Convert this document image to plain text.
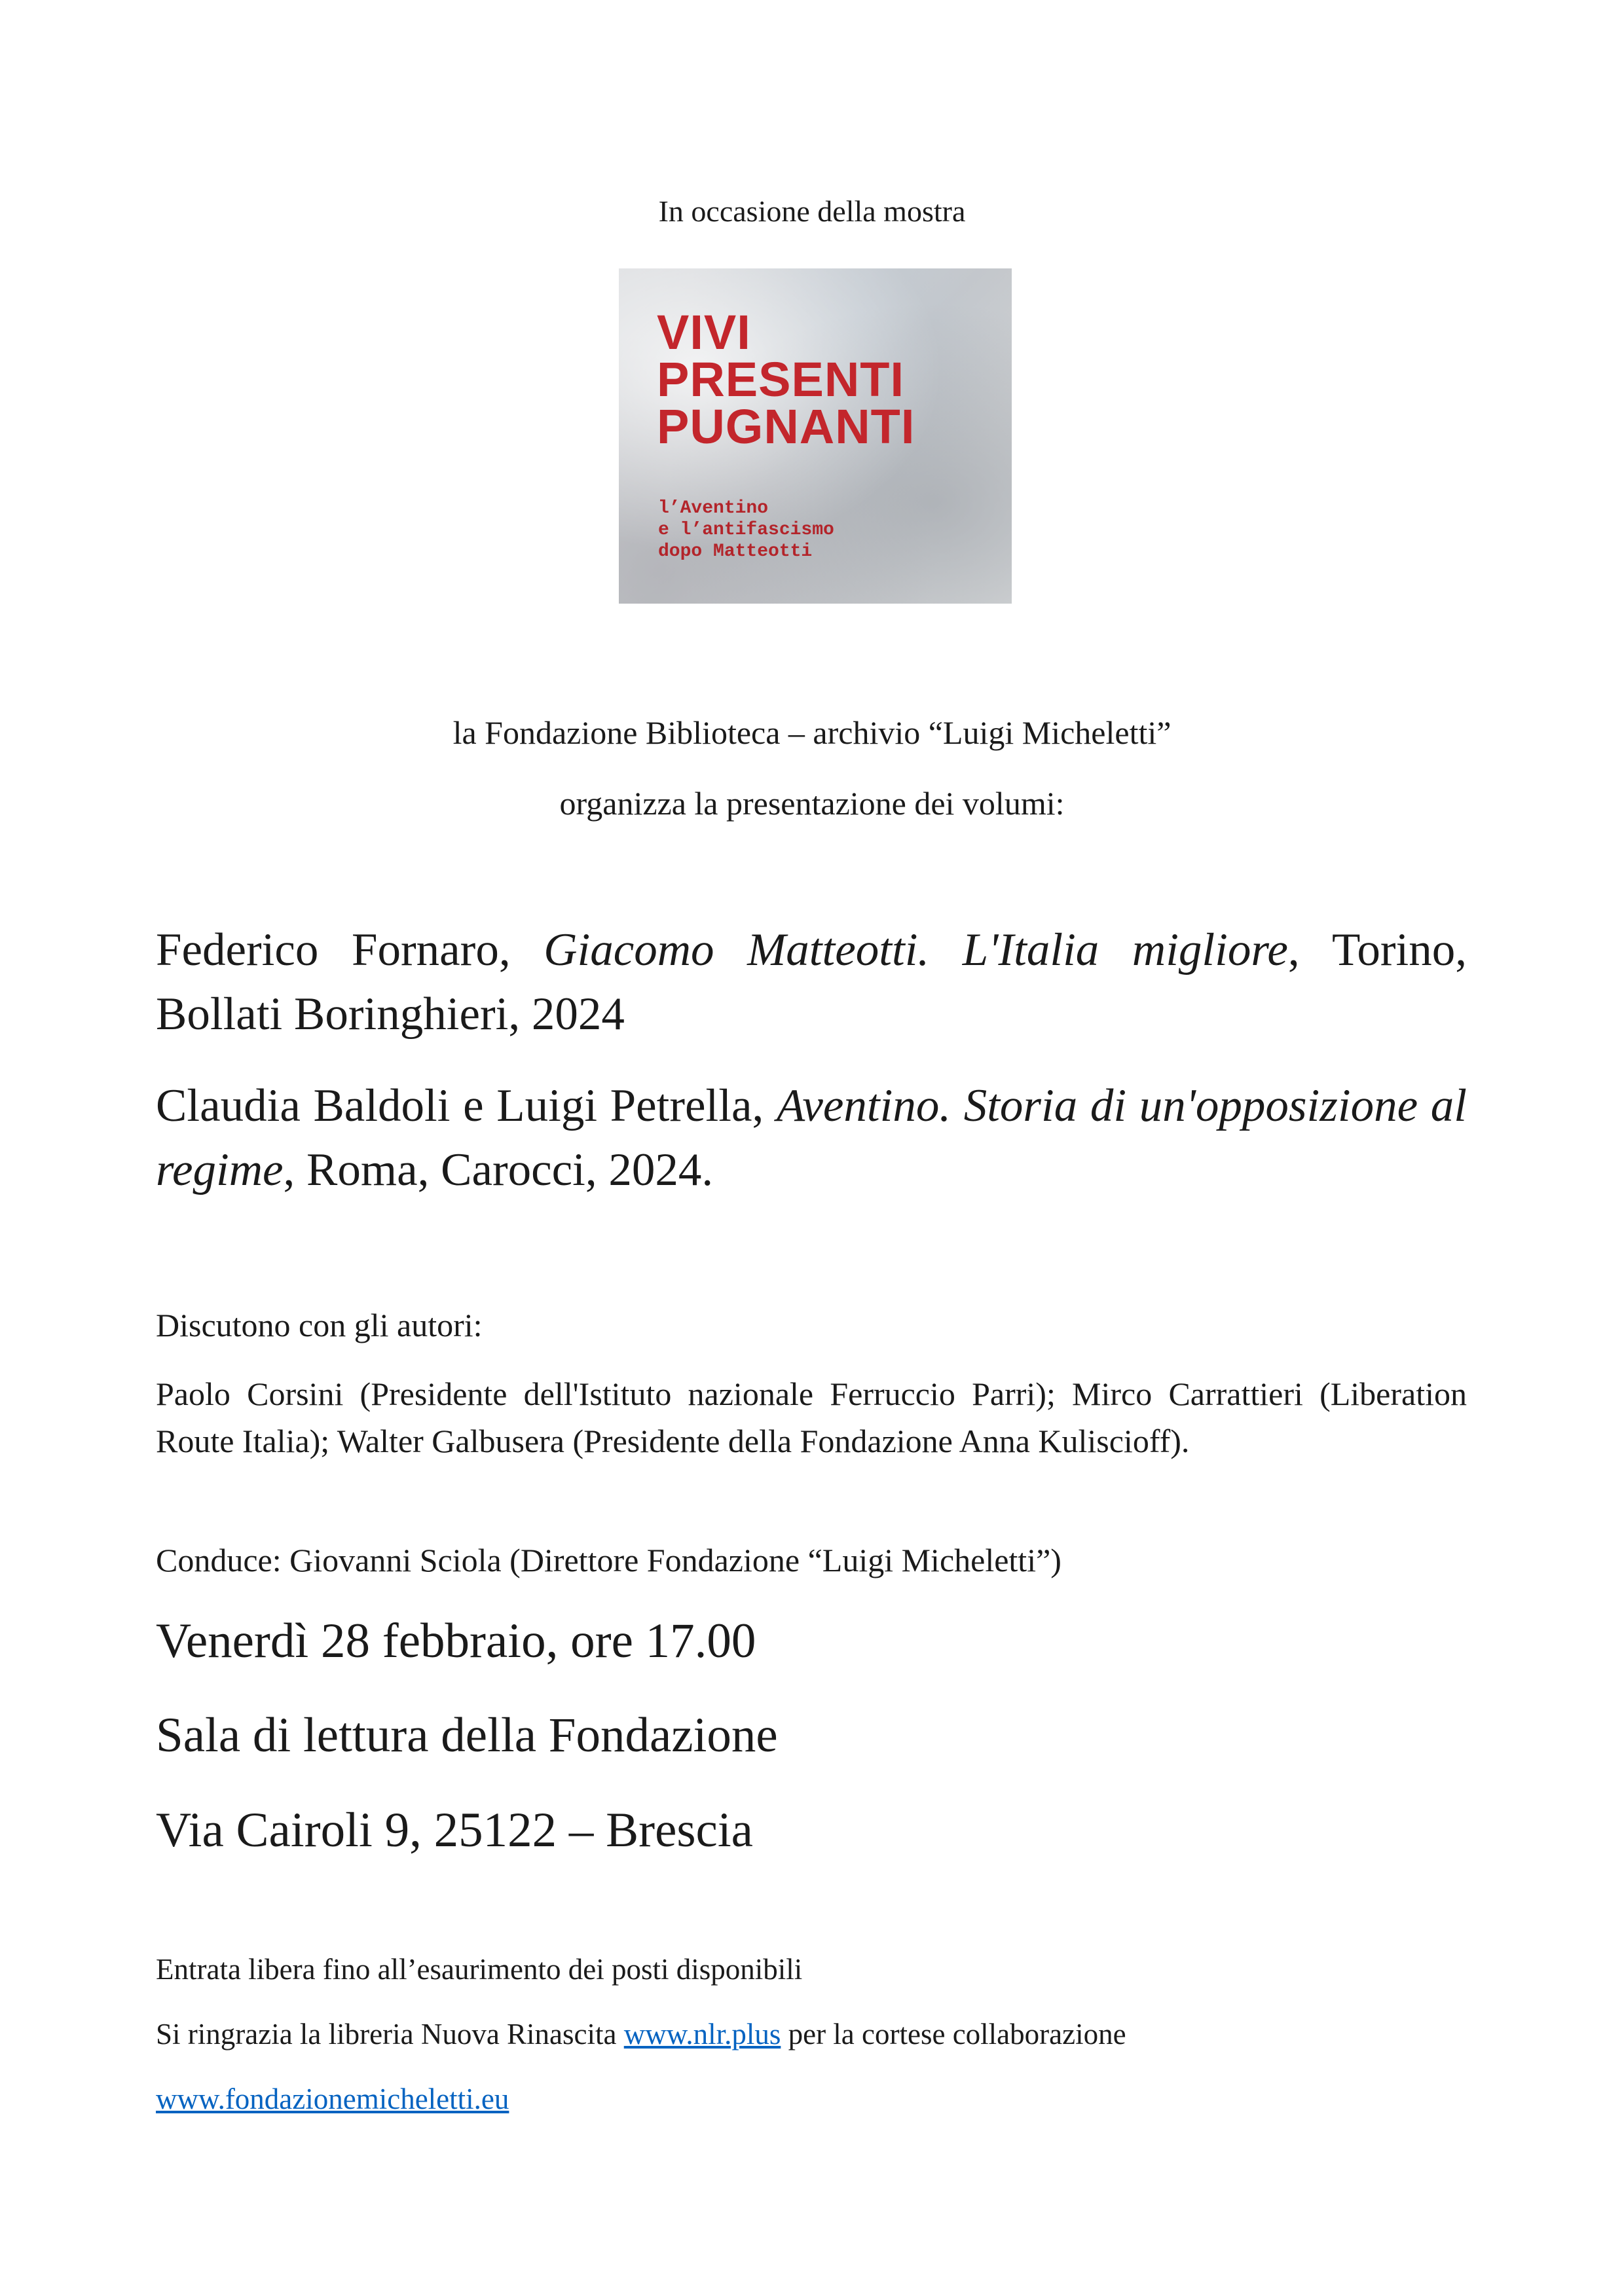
In occasione della mostra
VIVI
PRESENTI
PUGNANTI
l’Aventino
e l’antifascismo
dopo Matteotti
la Fondazione Biblioteca – archivio “Luigi Micheletti”
organizza la presentazione dei volumi:
Federico Fornaro, Giacomo Matteotti. L'Italia migliore, Torino, Bollati Boringhieri, 2024
Claudia Baldoli e Luigi Petrella, Aventino. Storia di un'opposizione al regime, Roma, Carocci, 2024.
Discutono con gli autori:
Paolo Corsini (Presidente dell'Istituto nazionale Ferruccio Parri); Mirco Carrattieri (Liberation Route Italia); Walter Galbusera (Presidente della Fondazione Anna Kuliscioff).
Conduce: Giovanni Sciola (Direttore Fondazione “Luigi Micheletti”)
Venerdì 28 febbraio, ore 17.00
Sala di lettura della Fondazione
Via Cairoli 9, 25122 – Brescia
Entrata libera fino all’esaurimento dei posti disponibili
Si ringrazia la libreria Nuova Rinascita www.nlr.plus per la cortese collaborazione
www.fondazionemicheletti.eu
